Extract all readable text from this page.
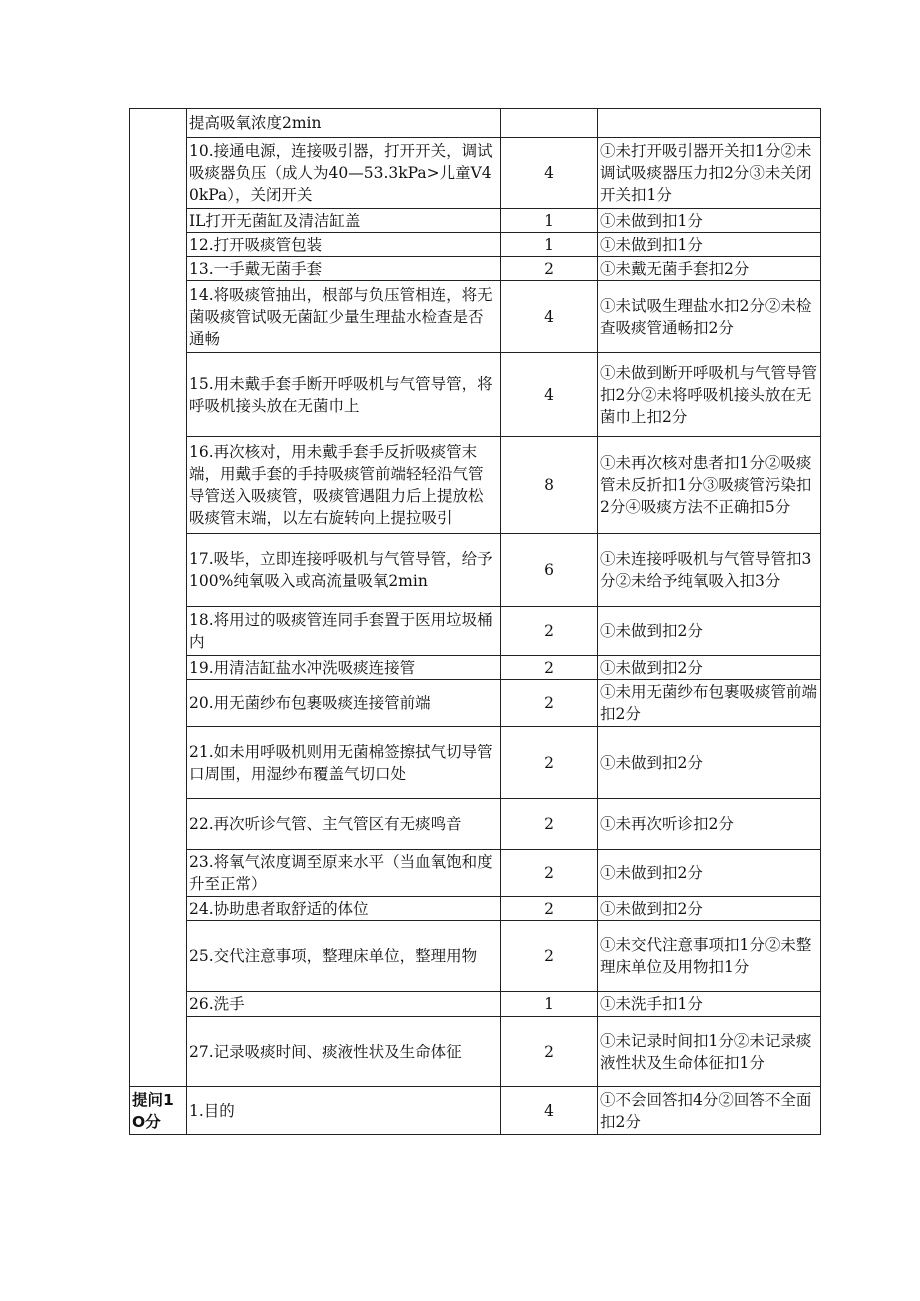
	提高吸氧浓度2min		

	10.接通电源，连接吸引器，打开开关，调试吸痰器负压（成人为40—53.3kPa>儿童V40kPa），关闭开关	4	①未打开吸引器开关扣1分②未调试吸痰器压力扣2分③未关闭开关扣1分

	IL打开无菌缸及清洁缸盖	1	①未做到扣1分

	12.打开吸痰管包装	1	①未做到扣1分

	13.一手戴无菌手套	2	①未戴无菌手套扣2分

	14.将吸痰管抽出，根部与负压管相连，将无菌吸痰管试吸无菌缸少量生理盐水检查是否通畅	4	①未试吸生理盐水扣2分②未检查吸痰管通畅扣2分

	15.用未戴手套手断开呼吸机与气管导管，将呼吸机接头放在无菌巾上	4	①未做到断开呼吸机与气管导管扣2分②未将呼吸机接头放在无菌巾上扣2分

	16.再次核对，用未戴手套手反折吸痰管末端，用戴手套的手持吸痰管前端轻轻沿气管导管送入吸痰管，吸痰管遇阻力后上提放松吸痰管末端，以左右旋转向上提拉吸引	8	①未再次核对患者扣1分②吸痰管未反折扣1分③吸痰管污染扣2分④吸痰方法不正确扣5分

	17.吸毕，立即连接呼吸机与气管导管，给予100%纯氧吸入或高流量吸氧2min	6	①未连接呼吸机与气管导管扣3分②未给予纯氧吸入扣3分

	18.将用过的吸痰管连同手套置于医用垃圾桶内	2	①未做到扣2分

	19.用清洁缸盐水冲洗吸痰连接管	2	①未做到扣2分

	20.用无菌纱布包裹吸痰连接管前端	2	①未用无菌纱布包裹吸痰管前端扣2分

	21.如未用呼吸机则用无菌棉签擦拭气切导管口周围，用湿纱布覆盖气切口处	2	①未做到扣2分

	22.再次听诊气管、主气管区有无痰鸣音	2	①未再次听诊扣2分

	23.将氧气浓度调至原来水平（当血氧饱和度升至正常）	2	①未做到扣2分

	24.协助患者取舒适的体位	2	①未做到扣2分

	25.交代注意事项，整理床单位，整理用物	2	①未交代注意事项扣1分②未整理床单位及用物扣1分

	26.洗手	1	①未洗手扣1分

	27.记录吸痰时间、痰液性状及生命体征	2	①未记录时间扣1分②未记录痰液性状及生命体征扣1分

提问1O分	1.目的	4	①不会回答扣4分②回答不全面扣2分
